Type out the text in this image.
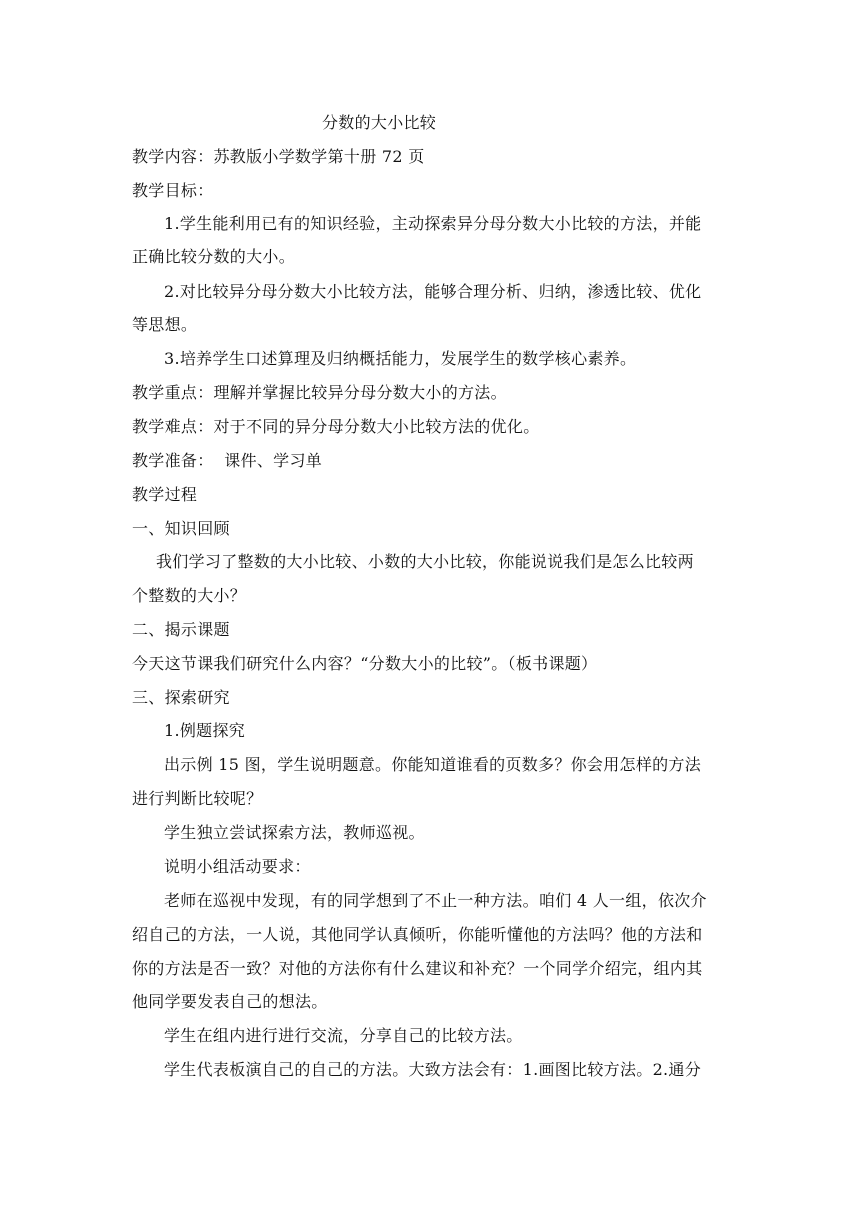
分数的大小比较
教学内容：苏教版小学数学第十册 72 页
教学目标：
1.学生能利用已有的知识经验，主动探索异分母分数大小比较的方法，并能
正确比较分数的大小。
2.对比较异分母分数大小比较方法，能够合理分析、归纳，渗透比较、优化
等思想。
3.培养学生口述算理及归纳概括能力，发展学生的数学核心素养。
教学重点：理解并掌握比较异分母分数大小的方法。
教学难点：对于不同的异分母分数大小比较方法的优化。
教学准备：  课件、学习单
教学过程
一、知识回顾
我们学习了整数的大小比较、小数的大小比较，你能说说我们是怎么比较两
个整数的大小？
二、揭示课题
今天这节课我们研究什么内容？“分数大小的比较”。（板书课题）
三、探索研究
1.例题探究
出示例 15 图，学生说明题意。你能知道谁看的页数多？你会用怎样的方法
进行判断比较呢？
学生独立尝试探索方法，教师巡视。
说明小组活动要求：
老师在巡视中发现，有的同学想到了不止一种方法。咱们 4 人一组，依次介
绍自己的方法，一人说，其他同学认真倾听，你能听懂他的方法吗？他的方法和
你的方法是否一致？对他的方法你有什么建议和补充？一个同学介绍完，组内其
他同学要发表自己的想法。
学生在组内进行进行交流，分享自己的比较方法。
学生代表板演自己的自己的方法。大致方法会有：1.画图比较方法。2.通分
